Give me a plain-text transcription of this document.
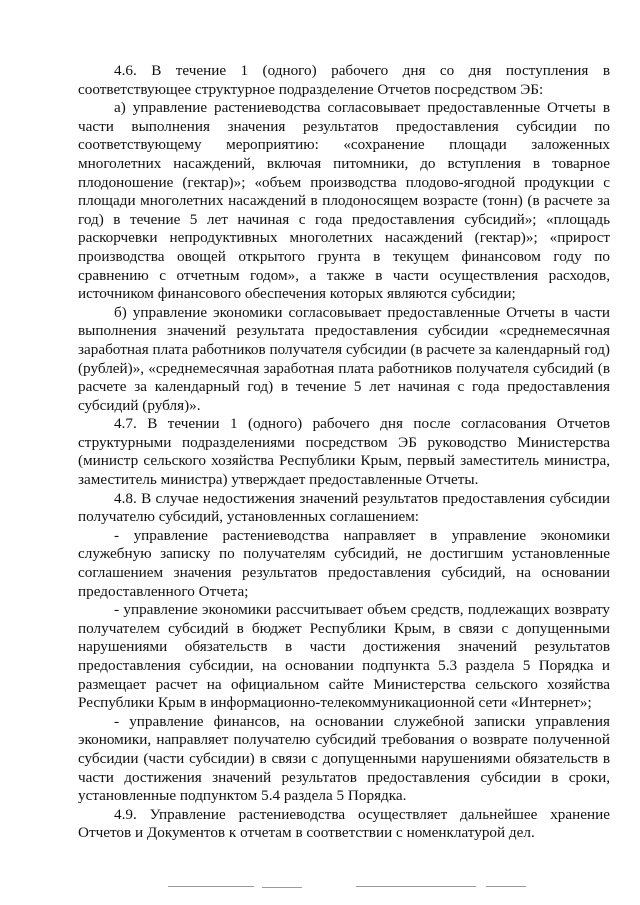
4.6. В течение 1 (одного) рабочего дня со дня поступления в соответствующее структурное подразделение Отчетов посредством ЭБ:

а) управление растениеводства согласовывает предоставленные Отчеты в части выполнения значения результатов предоставления субсидии по соответствующему мероприятию: «сохранение площади заложенных многолетних насаждений, включая питомники, до вступления в товарное плодоношение (гектар)»; «объем производства плодово-ягодной продукции с площади многолетних насаждений в плодоносящем возрасте (тонн) (в расчете за год) в течение 5 лет начиная с года предоставления субсидий»; «площадь раскорчевки непродуктивных многолетних насаждений (гектар)»; «прирост производства овощей открытого грунта в текущем финансовом году по сравнению с отчетным годом», а также в части осуществления расходов, источником финансового обеспечения которых являются субсидии;

б) управление экономики согласовывает предоставленные Отчеты в части выполнения значений результата предоставления субсидии «среднемесячная заработная плата работников получателя субсидии (в расчете за календарный год) (рублей)», «среднемесячная заработная плата работников получателя субсидий (в расчете за календарный год) в течение 5 лет начиная с года предоставления субсидий (рубля)».

4.7. В течении 1 (одного) рабочего дня после согласования Отчетов структурными подразделениями посредством ЭБ руководство Министерства (министр сельского хозяйства Республики Крым, первый заместитель министра, заместитель министра) утверждает предоставленные Отчеты.

4.8. В случае недостижения значений результатов предоставления субсидии получателю субсидий, установленных соглашением:

- управление растениеводства направляет в управление экономики служебную записку по получателям субсидий, не достигшим установленные соглашением значения результатов предоставления субсидий, на основании предоставленного Отчета;

- управление экономики рассчитывает объем средств, подлежащих возврату получателем субсидий в бюджет Республики Крым, в связи с допущенными нарушениями обязательств в части достижения значений результатов предоставления субсидии, на основании подпункта 5.3 раздела 5 Порядка и размещает расчет на официальном сайте Министерства сельского хозяйства Республики Крым в информационно-телекоммуникационной сети «Интернет»;

- управление финансов, на основании служебной записки управления экономики, направляет получателю субсидий требования о возврате полученной субсидии (части субсидии) в связи с допущенными нарушениями обязательств в части достижения значений результатов предоставления субсидии в сроки, установленные подпунктом 5.4 раздела 5 Порядка.

4.9. Управление растениеводства осуществляет дальнейшее хранение Отчетов и Документов к отчетам в соответствии с номенклатурой дел.
